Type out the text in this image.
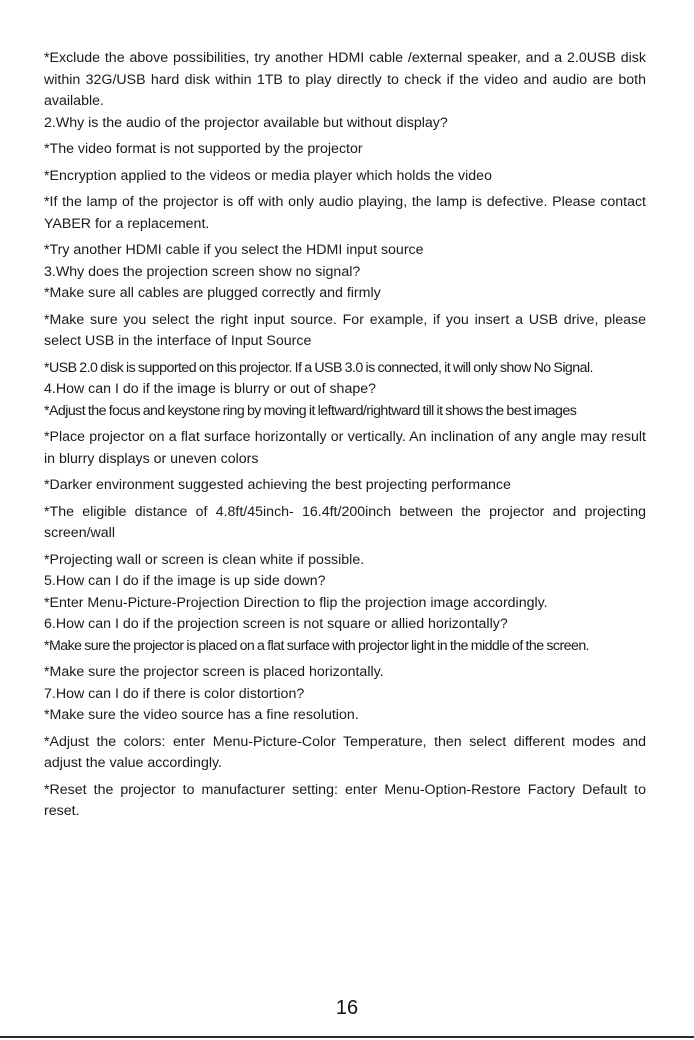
*Exclude the above possibilities, try another HDMI cable /external speaker, and a 2.0USB disk within 32G/USB hard disk within 1TB to play directly to check if the video and audio are both available.

2.Why is the audio of the projector available but without display?

*The video format is not supported by the projector

*Encryption applied to the videos or media player which holds the video

*If the lamp of the projector is off with only audio playing, the lamp is defective. Please contact YABER for a replacement.

*Try another HDMI cable if you select the HDMI input source

3.Why does the projection screen show no signal?

*Make sure all cables are plugged correctly and firmly

*Make sure you select the right input source. For example, if you insert a USB drive, please select USB in the interface of Input Source

*USB 2.0 disk is supported on this projector. If a USB 3.0 is connected, it will only show No Signal.

4.How can I do if the image is blurry or out of shape?

*Adjust the focus and keystone ring by moving it leftward/rightward till it shows the best images

*Place projector on a flat surface horizontally or vertically. An inclination of any angle may result in blurry displays or uneven colors

*Darker environment suggested achieving the best projecting performance

*The eligible distance of 4.8ft/45inch- 16.4ft/200inch between the projector and projecting screen/wall

*Projecting wall or screen is clean white if possible.

5.How can I do if the image is up side down?

*Enter Menu-Picture-Projection Direction to flip the projection image accordingly.

6.How can I do if the projection screen is not square or allied horizontally?

*Make sure the projector is placed on a flat surface with projector light in the middle of the screen.

*Make sure the projector screen is placed horizontally.

7.How can I do if there is color distortion?

*Make sure the video source has a fine resolution.

*Adjust the colors: enter Menu-Picture-Color Temperature, then select different modes and adjust the value accordingly.

*Reset the projector to manufacturer setting: enter Menu-Option-Restore Factory Default to reset.

16
